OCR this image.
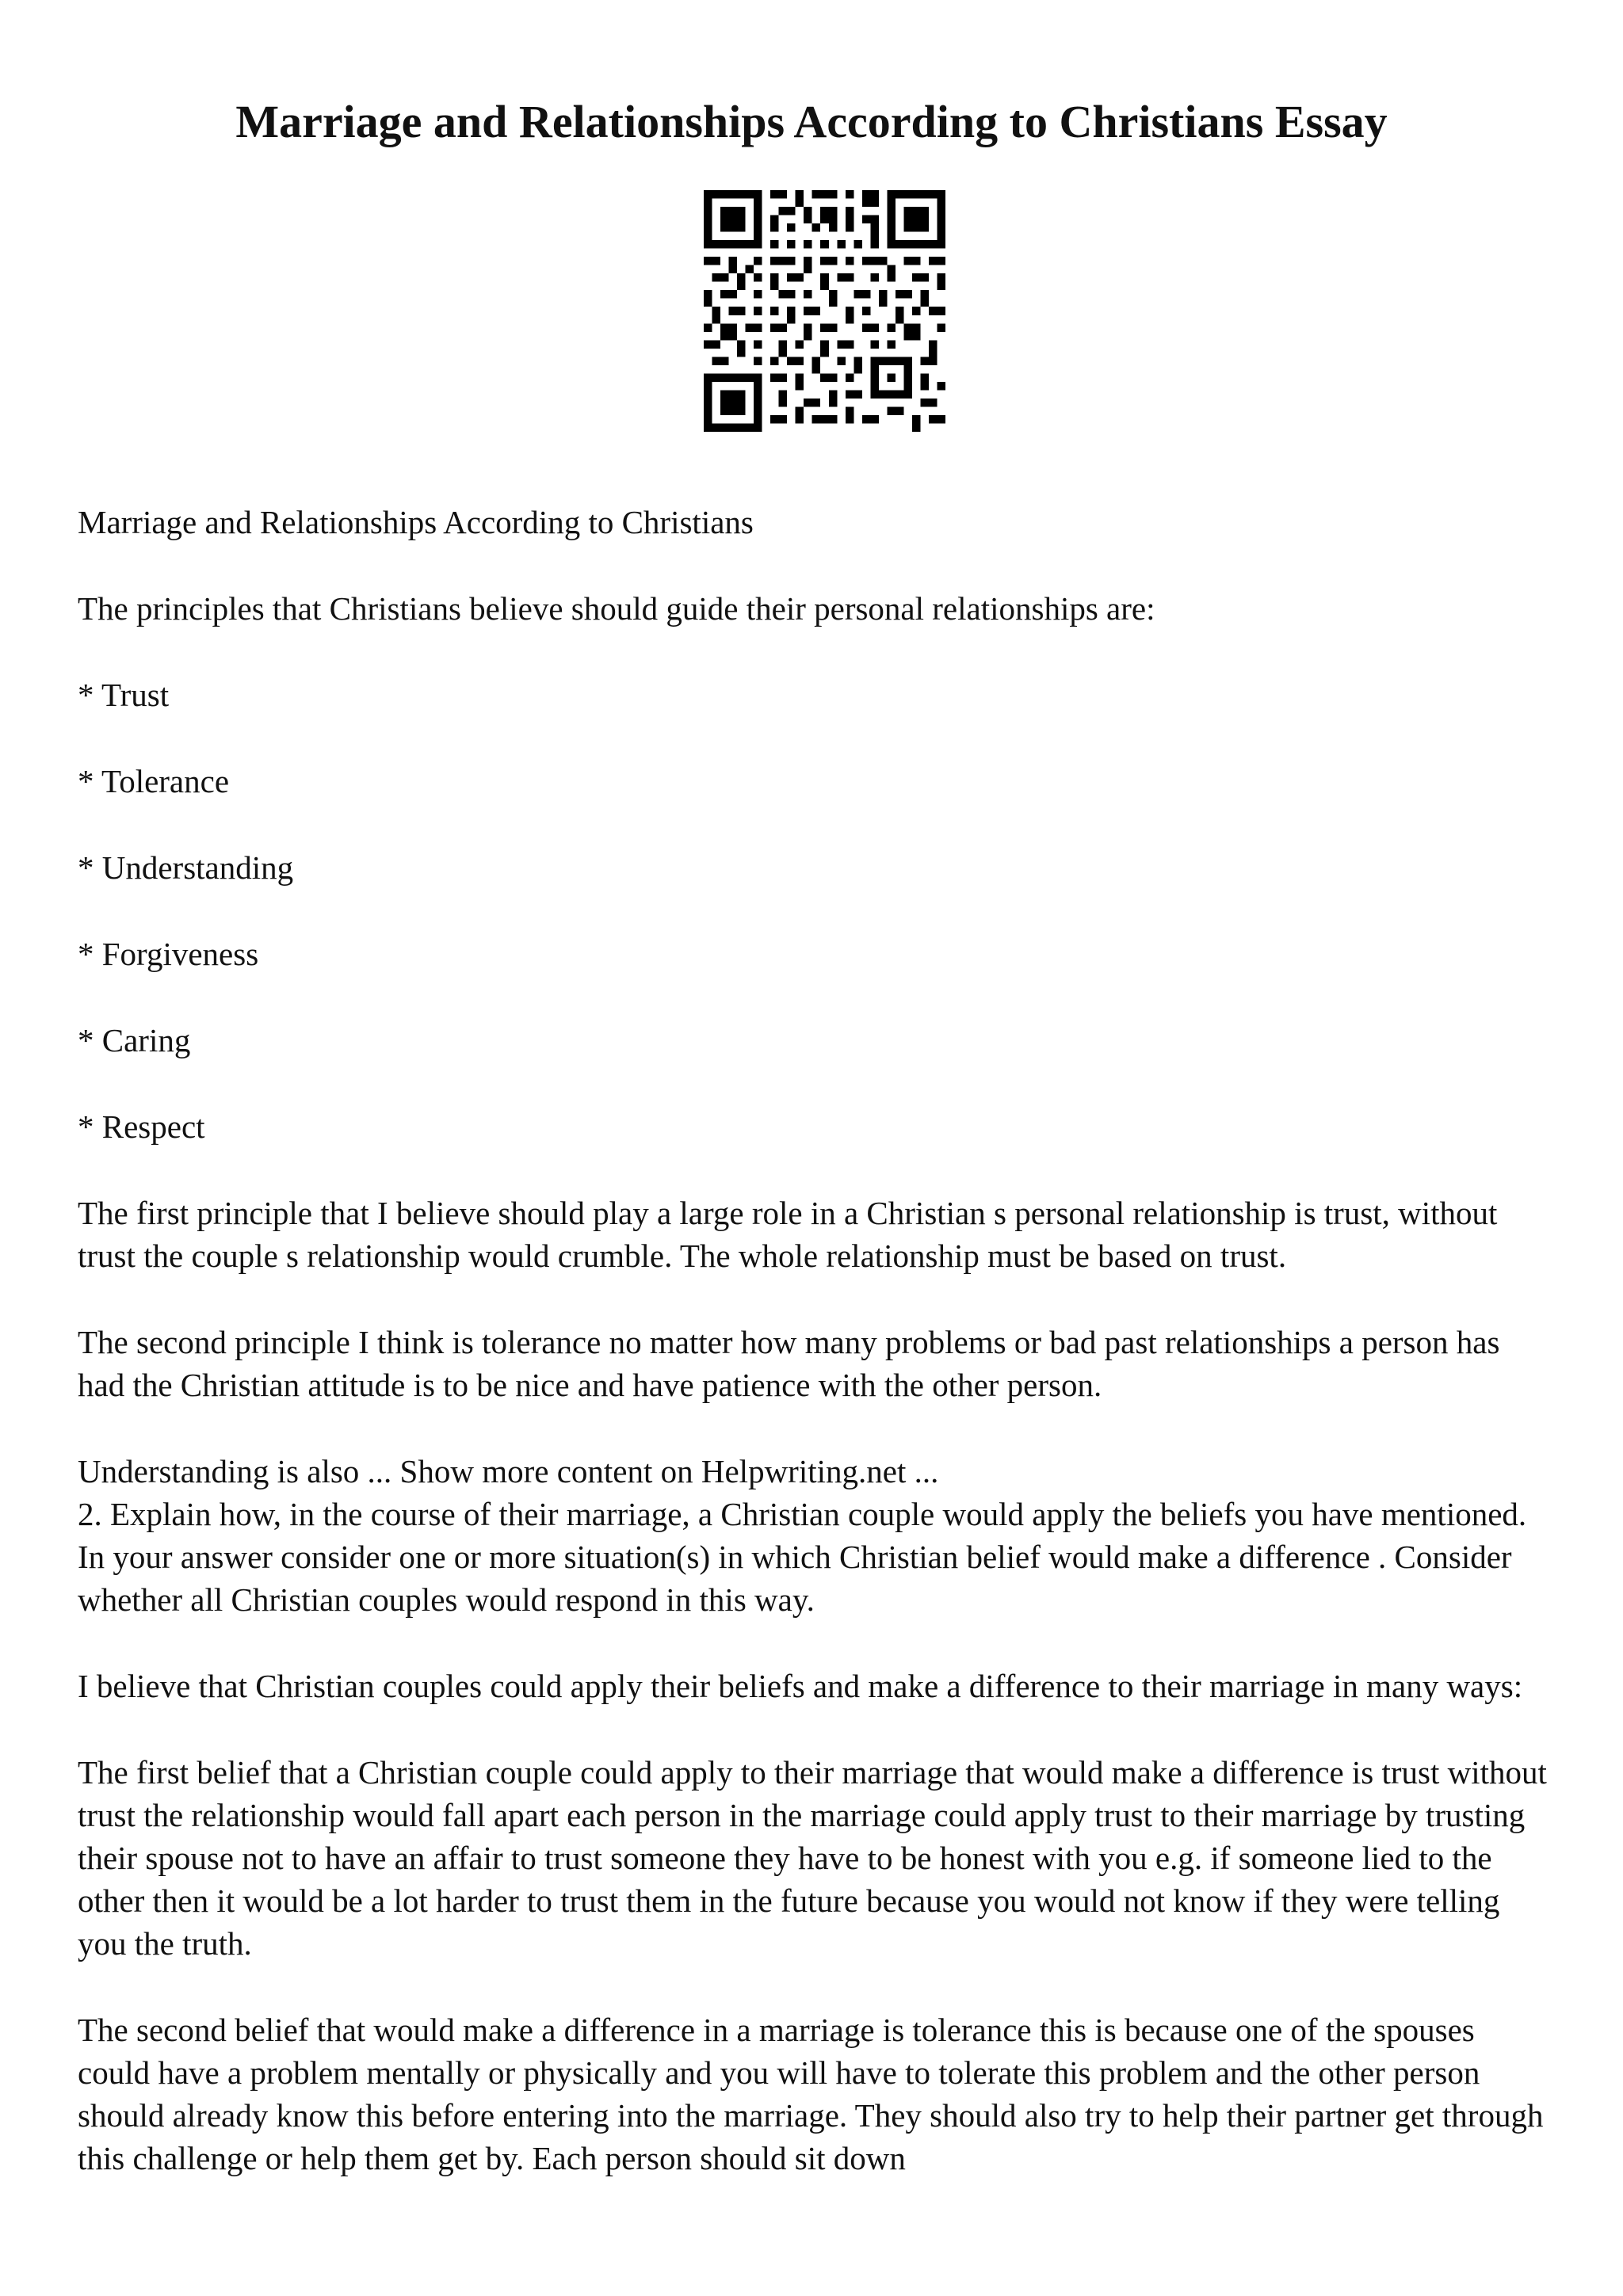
Marriage and Relationships According to Christians Essay

Marriage and Relationships According to Christians

The principles that Christians believe should guide their personal relationships are:

* Trust

* Tolerance

* Understanding

* Forgiveness

* Caring

* Respect

The first principle that I believe should play a large role in a Christian s personal relationship is trust, without trust the couple s relationship would crumble. The whole relationship must be based on trust.

The second principle I think is tolerance no matter how many problems or bad past relationships a person has had the Christian attitude is to be nice and have patience with the other person.

Understanding is also ... Show more content on Helpwriting.net ...

2. Explain how, in the course of their marriage, a Christian couple would apply the beliefs you have mentioned. In your answer consider one or more situation(s) in which Christian belief would make a difference . Consider whether all Christian couples would respond in this way.

I believe that Christian couples could apply their beliefs and make a difference to their marriage in many ways:

The first belief that a Christian couple could apply to their marriage that would make a difference is trust without trust the relationship would fall apart each person in the marriage could apply trust to their marriage by trusting their spouse not to have an affair to trust someone they have to be honest with you e.g. if someone lied to the other then it would be a lot harder to trust them in the future because you would not know if they were telling you the truth.

The second belief that would make a difference in a marriage is tolerance this is because one of the spouses could have a problem mentally or physically and you will have to tolerate this problem and the other person should already know this before entering into the marriage. They should also try to help their partner get through this challenge or help them get by. Each person should sit down
